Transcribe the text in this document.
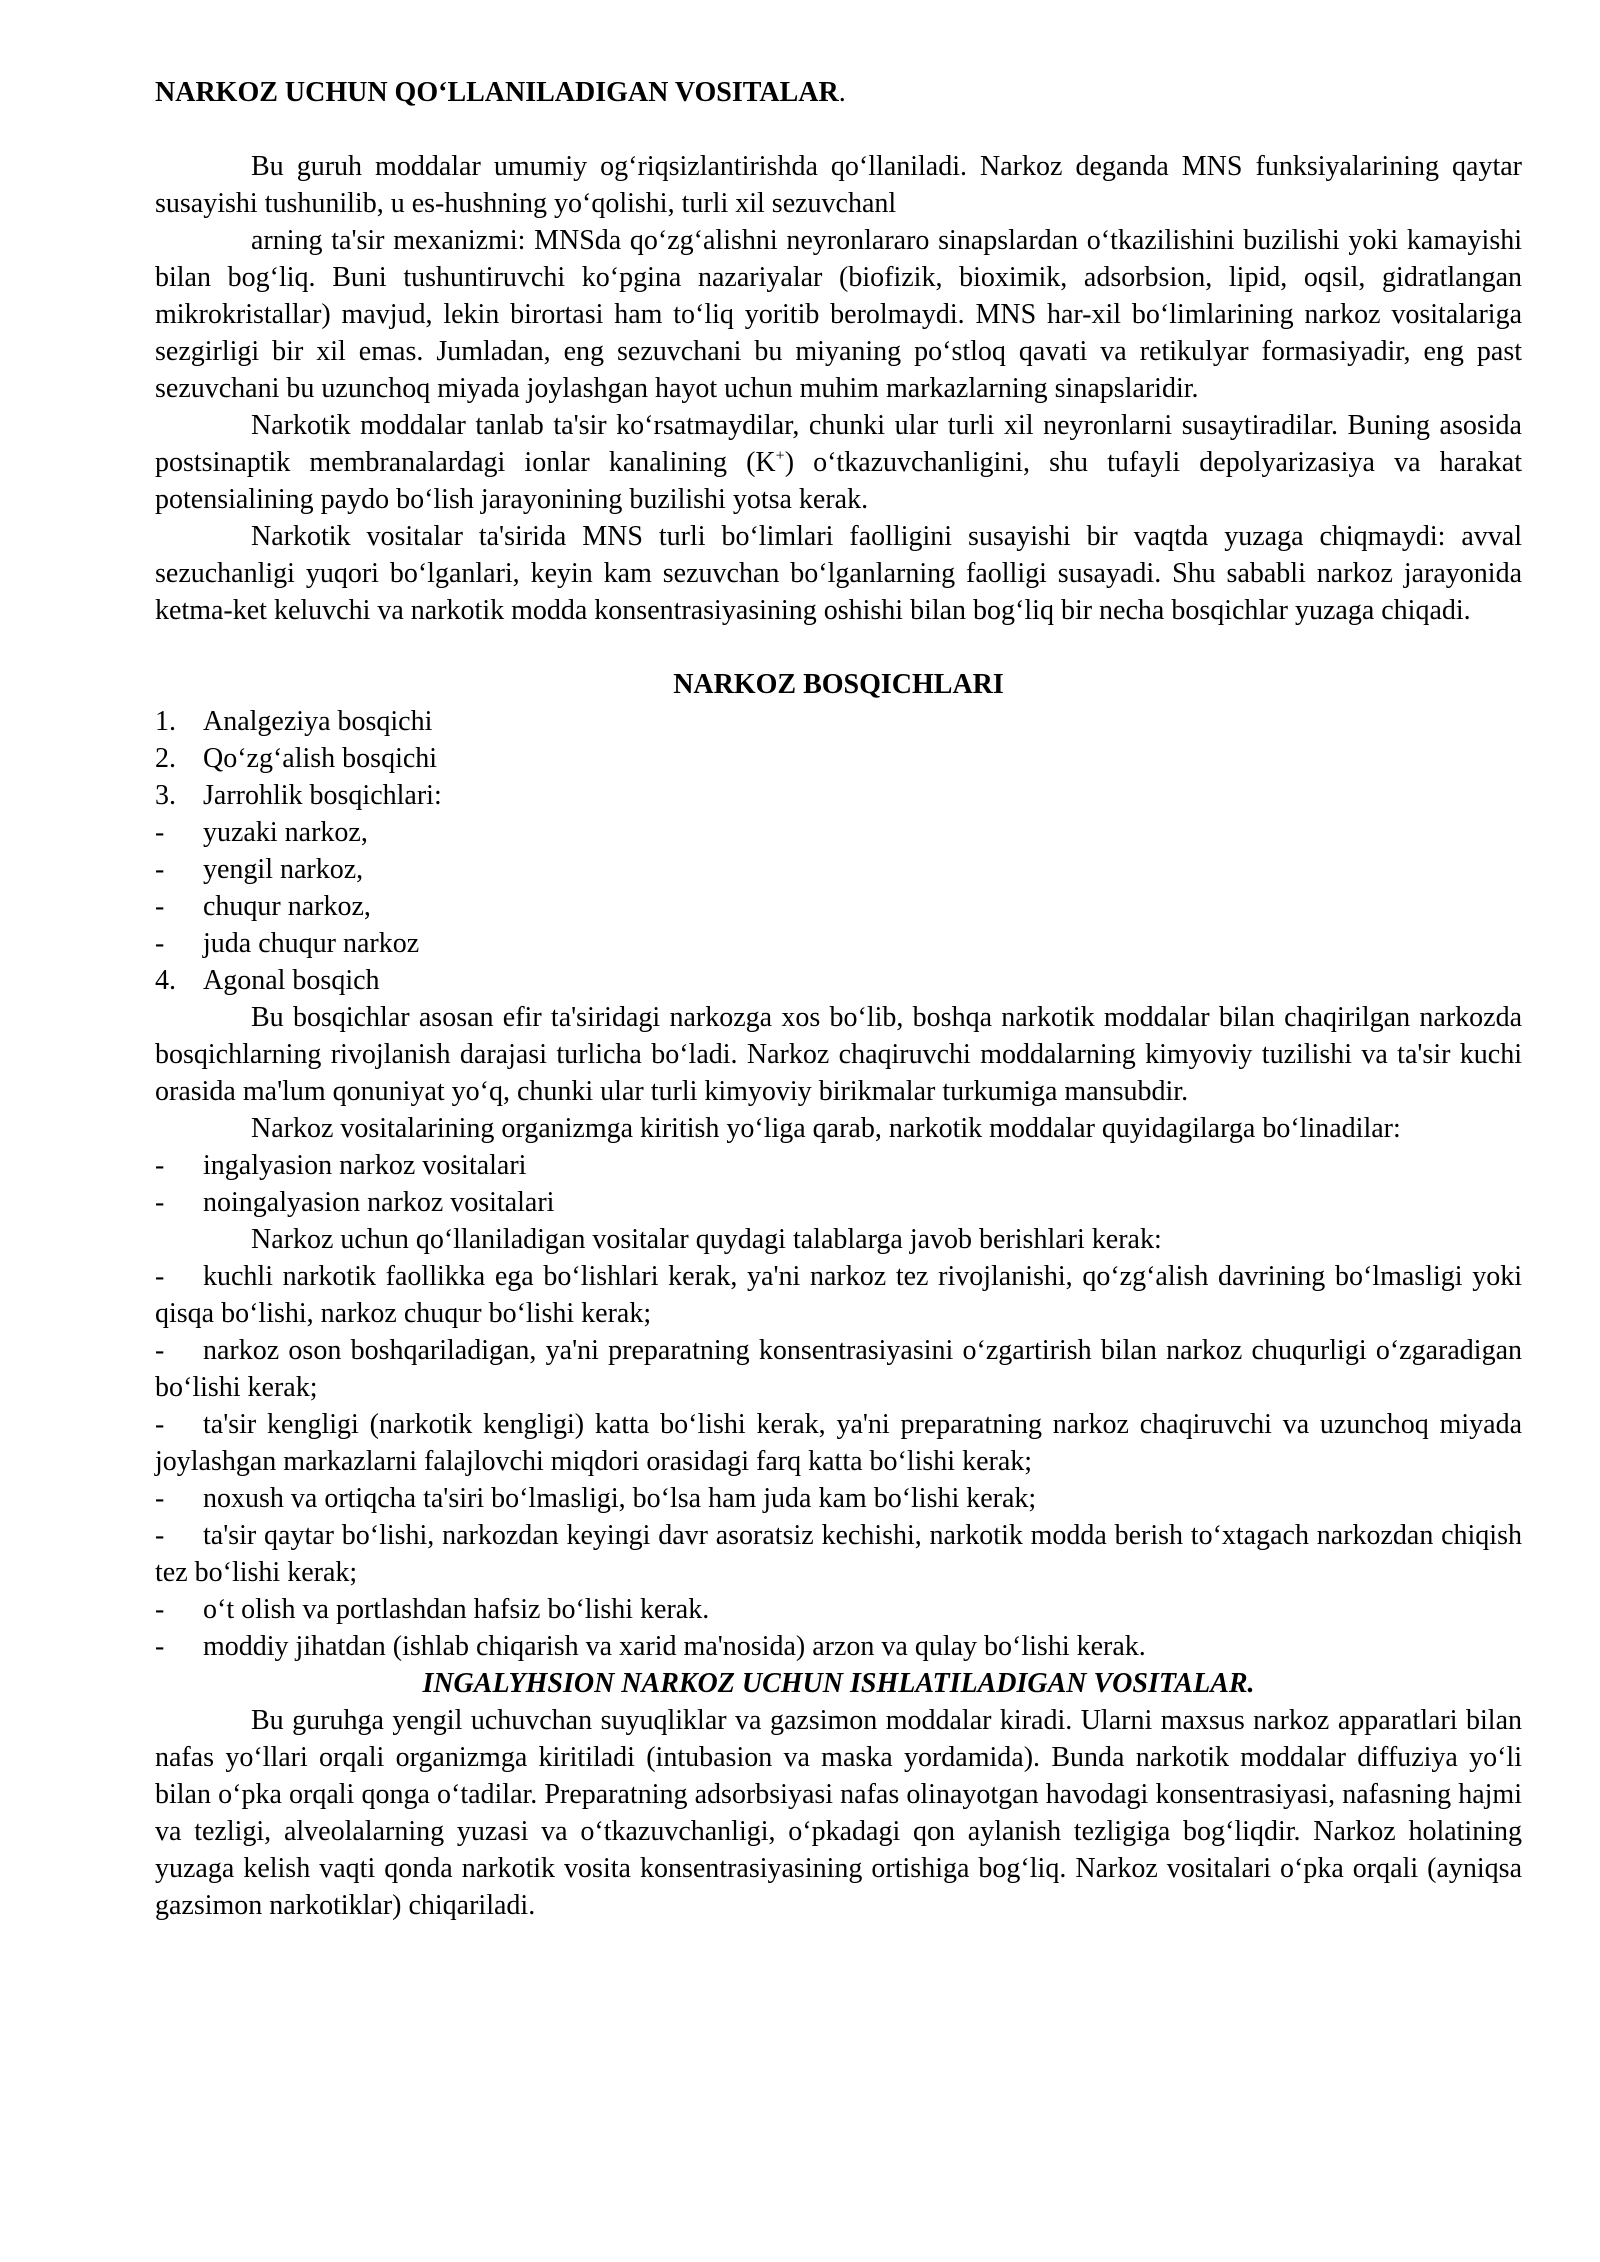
NARKOZ UCHUN QOʻLLANILADIGAN VOSITALAR.

Bu guruh moddalar umumiy ogʻriqsizlantirishda qoʻllaniladi. Narkoz deganda MNS funksiyalarining qaytar susayishi tushunilib, u es-hushning yoʻqolishi, turli xil sezuvchanl

arning ta'sir mexanizmi: MNSda qoʻzgʻalishni neyronlararo sinapslardan oʻtkazilishini buzilishi yoki kamayishi bilan bogʻliq. Buni tushuntiruvchi koʻpgina nazariyalar (biofizik, bioximik, adsorbsion, lipid, oqsil, gidratlangan mikrokristallar) mavjud, lekin birortasi ham toʻliq yoritib berolmaydi. MNS har-xil boʻlimlarining narkoz vositalariga sezgirligi bir xil emas. Jumladan, eng sezuvchani bu miyaning poʻstloq qavati va retikulyar formasiyadir, eng past sezuvchani bu uzunchoq miyada joylashgan hayot uchun muhim markazlarning sinapslaridir.

Narkotik moddalar tanlab ta'sir koʻrsatmaydilar, chunki ular turli xil neyronlarni susaytiradilar. Buning asosida postsinaptik membranalardagi ionlar kanalining (K+) oʻtkazuvchanligini, shu tufayli depolyarizasiya va harakat potensialining paydo boʻlish jarayonining buzilishi yotsa kerak.

Narkotik vositalar ta'sirida MNS turli boʻlimlari faolligini susayishi bir vaqtda yuzaga chiqmaydi: avval sezuchanligi yuqori boʻlganlari, keyin kam sezuvchan boʻlganlarning faolligi susayadi. Shu sababli narkoz jarayonida ketma-ket keluvchi va narkotik modda konsentrasiyasining oshishi bilan bogʻliq bir necha bosqichlar yuzaga chiqadi.

NARKOZ BOSQICHLARI

1. Analgeziya bosqichi
2. Qoʻzgʻalish bosqichi
3. Jarrohlik bosqichlari:
- yuzaki narkoz,
- yengil narkoz,
- chuqur narkoz,
- juda chuqur narkoz
4. Agonal bosqich

Bu bosqichlar asosan efir ta'siridagi narkozga xos boʻlib, boshqa narkotik moddalar bilan chaqirilgan narkozda bosqichlarning rivojlanish darajasi turlicha boʻladi. Narkoz chaqiruvchi moddalarning kimyoviy tuzilishi va ta'sir kuchi orasida ma'lum qonuniyat yoʻq, chunki ular turli kimyoviy birikmalar turkumiga mansubdir.

Narkoz vositalarining organizmga kiritish yoʻliga qarab, narkotik moddalar quyidagilarga boʻlinadilar:

- ingalyasion narkoz vositalari
- noingalyasion narkoz vositalari

Narkoz uchun qoʻllaniladigan vositalar quydagi talablarga javob berishlari kerak:

- kuchli narkotik faollikka ega boʻlishlari kerak, ya'ni narkoz tez rivojlanishi, qoʻzgʻalish davrining boʻlmasligi yoki qisqa boʻlishi, narkoz chuqur boʻlishi kerak;
- narkoz oson boshqariladigan, ya'ni preparatning konsentrasiyasini oʻzgartirish bilan narkoz chuqurligi oʻzgaradigan boʻlishi kerak;
- ta'sir kengligi (narkotik kengligi) katta boʻlishi kerak, ya'ni preparatning narkoz chaqiruvchi va uzunchoq miyada joylashgan markazlarni falajlovchi miqdori orasidagi farq katta boʻlishi kerak;
- noxush va ortiqcha ta'siri boʻlmasligi, boʻlsa ham juda kam boʻlishi kerak;
- ta'sir qaytar boʻlishi, narkozdan keyingi davr asoratsiz kechishi, narkotik modda berish toʻxtagach narkozdan chiqish tez boʻlishi kerak;
- oʻt olish va portlashdan hafsiz boʻlishi kerak.
- moddiy jihatdan (ishlab chiqarish va xarid ma'nosida) arzon va qulay boʻlishi kerak.

INGALYHSION NARKOZ UCHUN ISHLATILADIGAN VOSITALAR.

Bu guruhga yengil uchuvchan suyuqliklar va gazsimon moddalar kiradi. Ularni maxsus narkoz apparatlari bilan nafas yoʻllari orqali organizmga kiritiladi (intubasion va maska yordamida). Bunda narkotik moddalar diffuziya yoʻli bilan oʻpka orqali qonga oʻtadilar. Preparatning adsorbsiyasi nafas olinayotgan havodagi konsentrasiyasi, nafasning hajmi va tezligi, alveolalarning yuzasi va oʻtkazuvchanligi, oʻpkadagi qon aylanish tezligiga bogʻliqdir. Narkoz holatining yuzaga kelish vaqti qonda narkotik vosita konsentrasiyasining ortishiga bogʻliq. Narkoz vositalari oʻpka orqali (ayniqsa gazsimon narkotiklar) chiqariladi.
